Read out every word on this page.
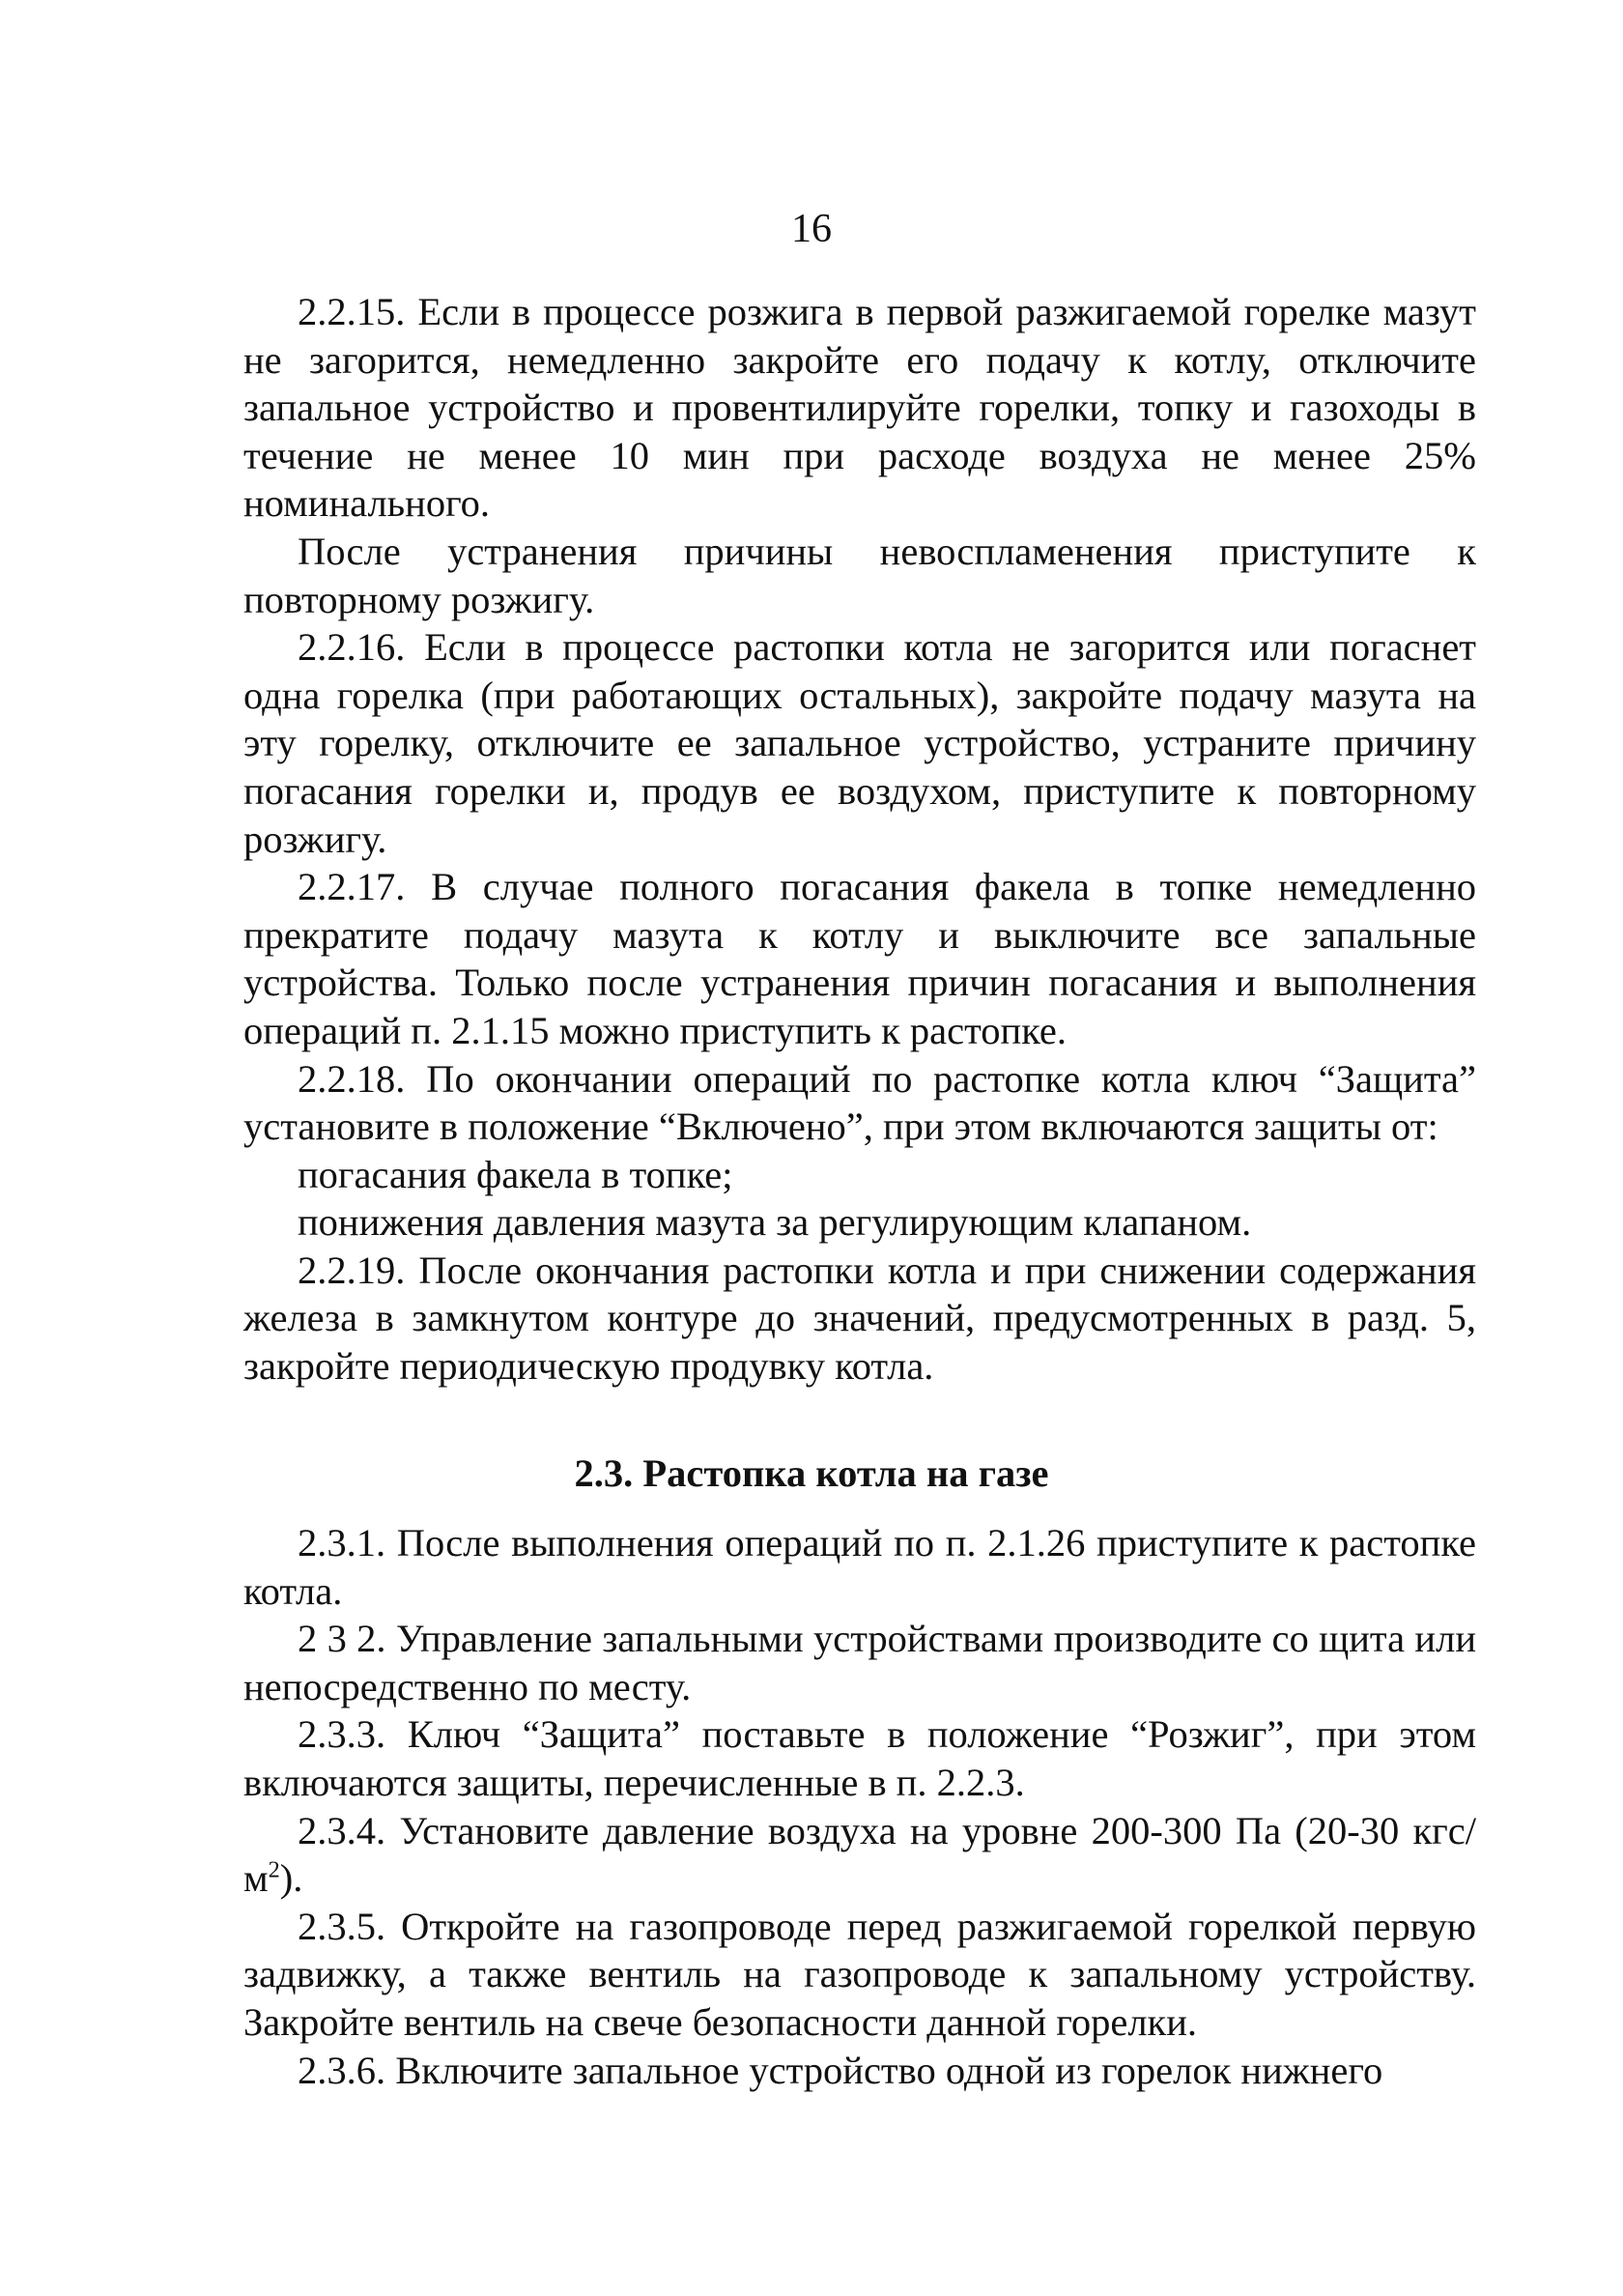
16

2.2.15. Если в процессе розжига в первой разжигаемой горелке мазут не загорится, немедленно закройте его подачу к котлу, отключите запальное устройство и провентилируйте горелки, топку и газоходы в течение не менее 10 мин при расходе воздуха не менее 25% номинального.

После устранения причины невоспламенения приступите к повторному розжигу.

2.2.16. Если в процессе растопки котла не загорится или погаснет одна горелка (при работающих остальных), закройте подачу мазута на эту горелку, отключите ее запальное устройство, устраните причину погасания горелки и, продув ее воздухом, приступите к повторному розжигу.

2.2.17. В случае полного погасания факела в топке немедленно прекратите подачу мазута к котлу и выключите все запальные устройства. Только после устранения причин погасания и выполнения операций п. 2.1.15 можно приступить к растопке.

2.2.18. По окончании операций по растопке котла ключ “Защита” установите в положение “Включено”, при этом включаются защиты от:

погасания факела в топке;

понижения давления мазута за регулирующим клапаном.

2.2.19. После окончания растопки котла и при снижении содержания железа в замкнутом контуре до значений, предусмотренных в разд. 5, закройте периодическую продувку котла.

2.3. Растопка котла на газе

2.3.1. После выполнения операций по п. 2.1.26 приступите к растопке котла.

2 3 2. Управление запальными устройствами производите со щита или непосредственно по месту.

2.3.3. Ключ “Защита” поставьте в положение “Розжиг”, при этом включаются защиты, перечисленные в п. 2.2.3.

2.3.4. Установите давление воздуха на уровне 200-300 Па (20-30 кгс/$м^2$).

2.3.5. Откройте на газопроводе перед разжигаемой горелкой первую задвижку, а также вентиль на газопроводе к запальному устройству. Закройте вентиль на свече безопасности данной горелки.

2.3.6. Включите запальное устройство одной из горелок нижнего
